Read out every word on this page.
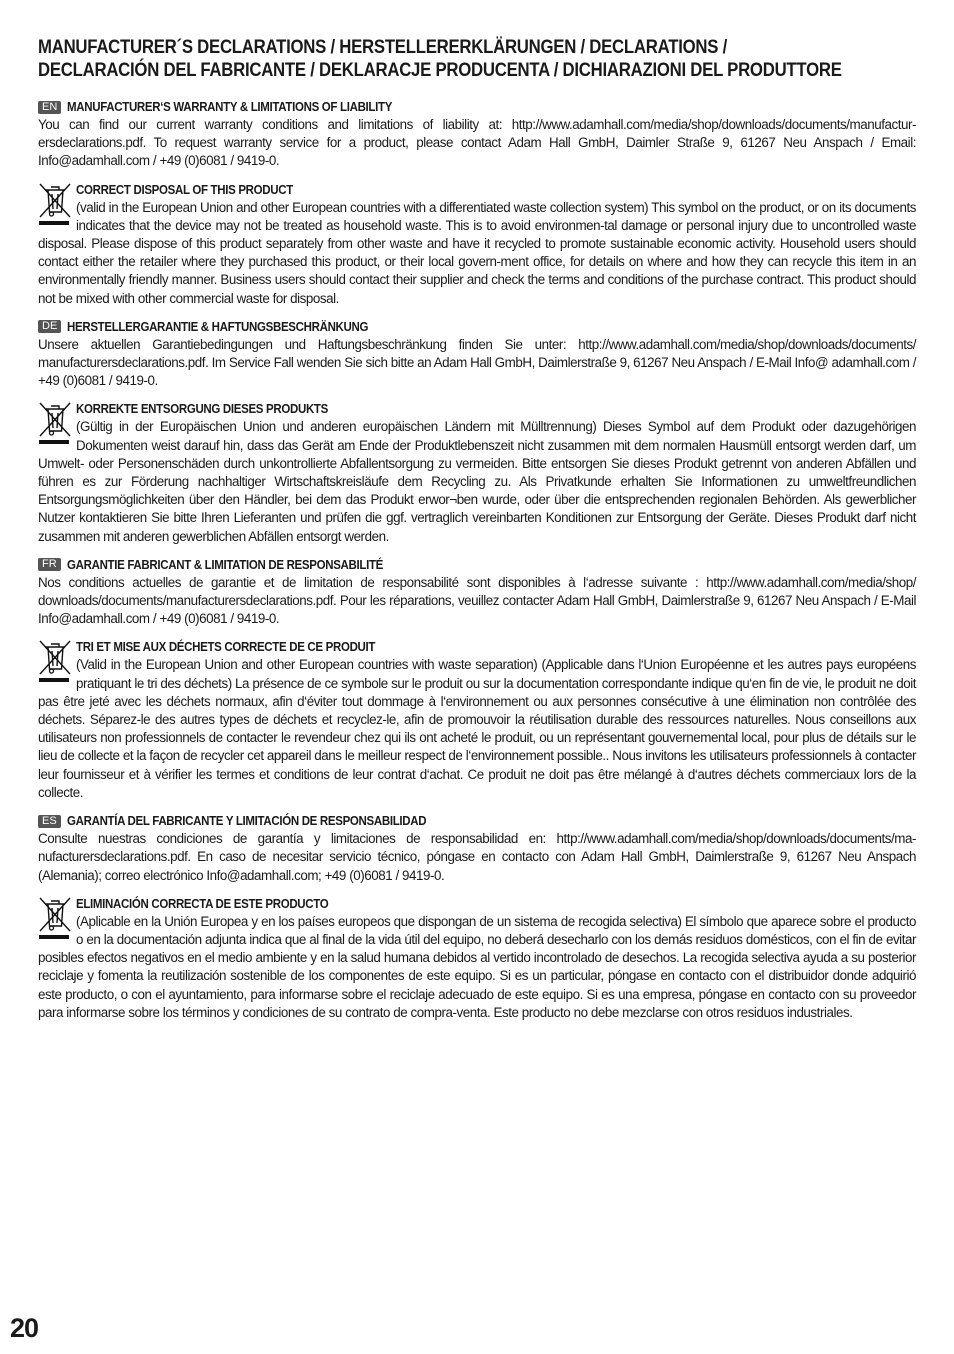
MANUFACTURER´S DECLARATIONS / HERSTELLERERKLÄRUNGEN / DECLARATIONS /
DECLARACIÓN DEL FABRICANTE / DEKLARACJE PRODUCENTA / DICHIARAZIONI DEL PRODUTTORE
EN MANUFACTURER‘S WARRANTY & LIMITATIONS OF LIABILITY

You can find our current warranty conditions and limitations of liability at: http://www.adamhall.com/media/shop/downloads/documents/manufactur-ersdeclarations.pdf. To request warranty service for a product, please contact Adam Hall GmbH, Daimler Straße 9, 61267 Neu Anspach / Email: Info@adamhall.com / +49 (0)6081 / 9419-0.

CORRECT DISPOSAL OF THIS PRODUCT

(valid in the European Union and other European countries with a differentiated waste collection system) This symbol on the product, or on its documents indicates that the device may not be treated as household waste. This is to avoid environmen-tal damage or personal injury due to uncontrolled waste disposal. Please dispose of this product separately from other waste and have it recycled to promote sustainable economic activity. Household users should contact either the retailer where they purchased this product, or their local govern-ment office, for details on where and how they can recycle this item in an environmentally friendly manner. Business users should contact their supplier and check the terms and conditions of the purchase contract. This product should not be mixed with other commercial waste for disposal.

DE HERSTELLERGARANTIE & HAFTUNGSBESCHRÄNKUNG

Unsere aktuellen Garantiebedingungen und Haftungsbeschränkung finden Sie unter: http://www.adamhall.com/media/shop/downloads/documents/ manufacturersdeclarations.pdf. Im Service Fall wenden Sie sich bitte an Adam Hall GmbH, Daimlerstraße 9, 61267 Neu Anspach / E-Mail Info@ adamhall.com / +49 (0)6081 / 9419-0.

KORREKTE ENTSORGUNG DIESES PRODUKTS

(Gültig in der Europäischen Union und anderen europäischen Ländern mit Mülltrennung) Dieses Symbol auf dem Produkt oder dazugehörigen Dokumenten weist darauf hin, dass das Gerät am Ende der Produktlebenszeit nicht zusammen mit dem normalen Hausmüll entsorgt werden darf, um Umwelt- oder Personenschäden durch unkontrollierte Abfallentsorgung zu vermeiden. Bitte entsorgen Sie dieses Produkt getrennt von anderen Abfällen und führen es zur Förderung nachhaltiger Wirtschaftskreisläufe dem Recycling zu. Als Privatkunde erhalten Sie Informationen zu umweltfreundlichen Entsorgungsmöglichkeiten über den Händler, bei dem das Produkt erwor¬ben wurde, oder über die entsprechenden regionalen Behörden. Als gewerblicher Nutzer kontaktieren Sie bitte Ihren Lieferanten und prüfen die ggf. vertraglich vereinbarten Konditionen zur Entsorgung der Geräte. Dieses Produkt darf nicht zusammen mit anderen gewerblichen Abfällen entsorgt werden.

FR GARANTIE FABRICANT & LIMITATION DE RESPONSABILITÉ

Nos conditions actuelles de garantie et de limitation de responsabilité sont disponibles à l‘adresse suivante : http://www.adamhall.com/media/shop/ downloads/documents/manufacturersdeclarations.pdf. Pour les réparations, veuillez contacter Adam Hall GmbH, Daimlerstraße 9, 61267 Neu Anspach / E-Mail Info@adamhall.com / +49 (0)6081 / 9419-0.

TRI ET MISE AUX DÉCHETS CORRECTE DE CE PRODUIT

(Valid in the European Union and other European countries with waste separation) (Applicable dans l‘Union Européenne et les autres pays européens pratiquant le tri des déchets) La présence de ce symbole sur le produit ou sur la documentation correspondante indique qu‘en fin de vie, le produit ne doit pas être jeté avec les déchets normaux, afin d‘éviter tout dommage à l‘environnement ou aux personnes consécutive à une élimination non contrôlée des déchets. Séparez-le des autres types de déchets et recyclez-le, afin de promouvoir la réutilisation durable des ressources naturelles. Nous conseillons aux utilisateurs non professionnels de contacter le revendeur chez qui ils ont acheté le produit, ou un représentant gouvernemental local, pour plus de détails sur le lieu de collecte et la façon de recycler cet appareil dans le meilleur respect de l‘environnement possible.. Nous invitons les utilisateurs professionnels à contacter leur fournisseur et à vérifier les termes et conditions de leur contrat d‘achat. Ce produit ne doit pas être mélangé à d‘autres déchets commerciaux lors de la collecte.

ES GARANTÍA DEL FABRICANTE Y LIMITACIÓN DE RESPONSABILIDAD

Consulte nuestras condiciones de garantía y limitaciones de responsabilidad en: http://www.adamhall.com/media/shop/downloads/documents/ma-nufacturersdeclarations.pdf. En caso de necesitar servicio técnico, póngase en contacto con Adam Hall GmbH, Daimlerstraße 9, 61267 Neu Anspach (Alemania); correo electrónico Info@adamhall.com; +49 (0)6081 / 9419-0.

ELIMINACIÓN CORRECTA DE ESTE PRODUCTO

(Aplicable en la Unión Europea y en los países europeos que dispongan de un sistema de recogida selectiva) El símbolo que aparece sobre el producto o en la documentación adjunta indica que al final de la vida útil del equipo, no deberá desecharlo con los demás residuos domésticos, con el fin de evitar posibles efectos negativos en el medio ambiente y en la salud humana debidos al vertido incontrolado de desechos. La recogida selectiva ayuda a su posterior reciclaje y fomenta la reutilización sostenible de los componentes de este equipo. Si es un particular, póngase en contacto con el distribuidor donde adquirió este producto, o con el ayuntamiento, para informarse sobre el reciclaje adecuado de este equipo. Si es una empresa, póngase en contacto con su proveedor para informarse sobre los términos y condiciones de su contrato de compra-venta. Este producto no debe mezclarse con otros residuos industriales.

20
